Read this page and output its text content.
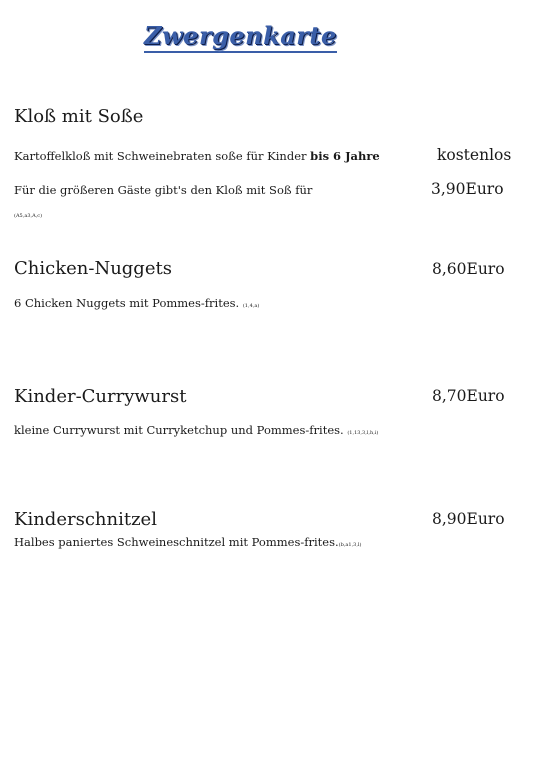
Zwergenkarte
Kloß mit Soße
Kartoffelkloß mit Schweinebraten soße für Kinder bis 6 Jahre	kostenlos
Für die größeren Gäste gibt's den Kloß mit Soß für	3,90Euro
(A5,a3,A,c)
Chicken-Nuggets	8,60Euro
6 Chicken Nuggets mit Pommes-frites. (1,4,a)
Kinder-Currywurst	8,70Euro
kleine Currywurst mit Curryketchup und Pommes-frites. (1,13,3,l,h,i)
Kinderschnitzel	8,90Euro
Halbes paniertes Schweineschnitzel mit Pommes-frites.(b,a1,3,l)
